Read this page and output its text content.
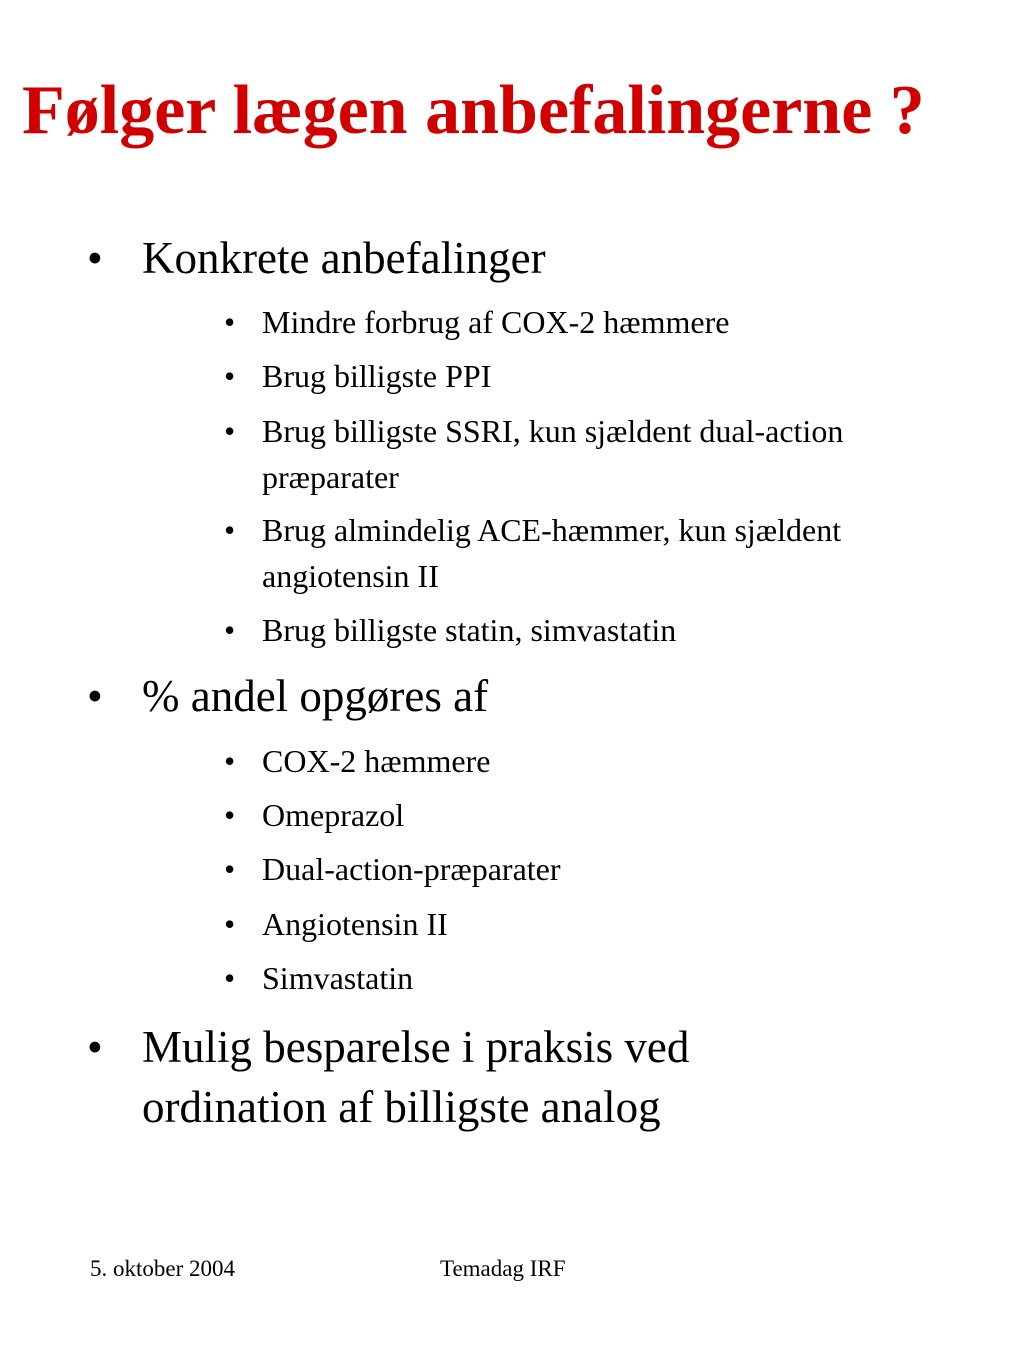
Følger lægen anbefalingerne ?
• Konkrete anbefalinger
• Mindre forbrug af COX-2 hæmmere
• Brug billigste PPI
• Brug billigste SSRI, kun sjældent dual-action præparater
• Brug almindelig ACE-hæmmer, kun sjældent angiotensin II
• Brug billigste statin, simvastatin
• % andel opgøres af
• COX-2 hæmmere
• Omeprazol
• Dual-action-præparater
• Angiotensin II
• Simvastatin
• Mulig besparelse i praksis ved ordination af billigste analog
5. oktober 2004	Temadag IRF
